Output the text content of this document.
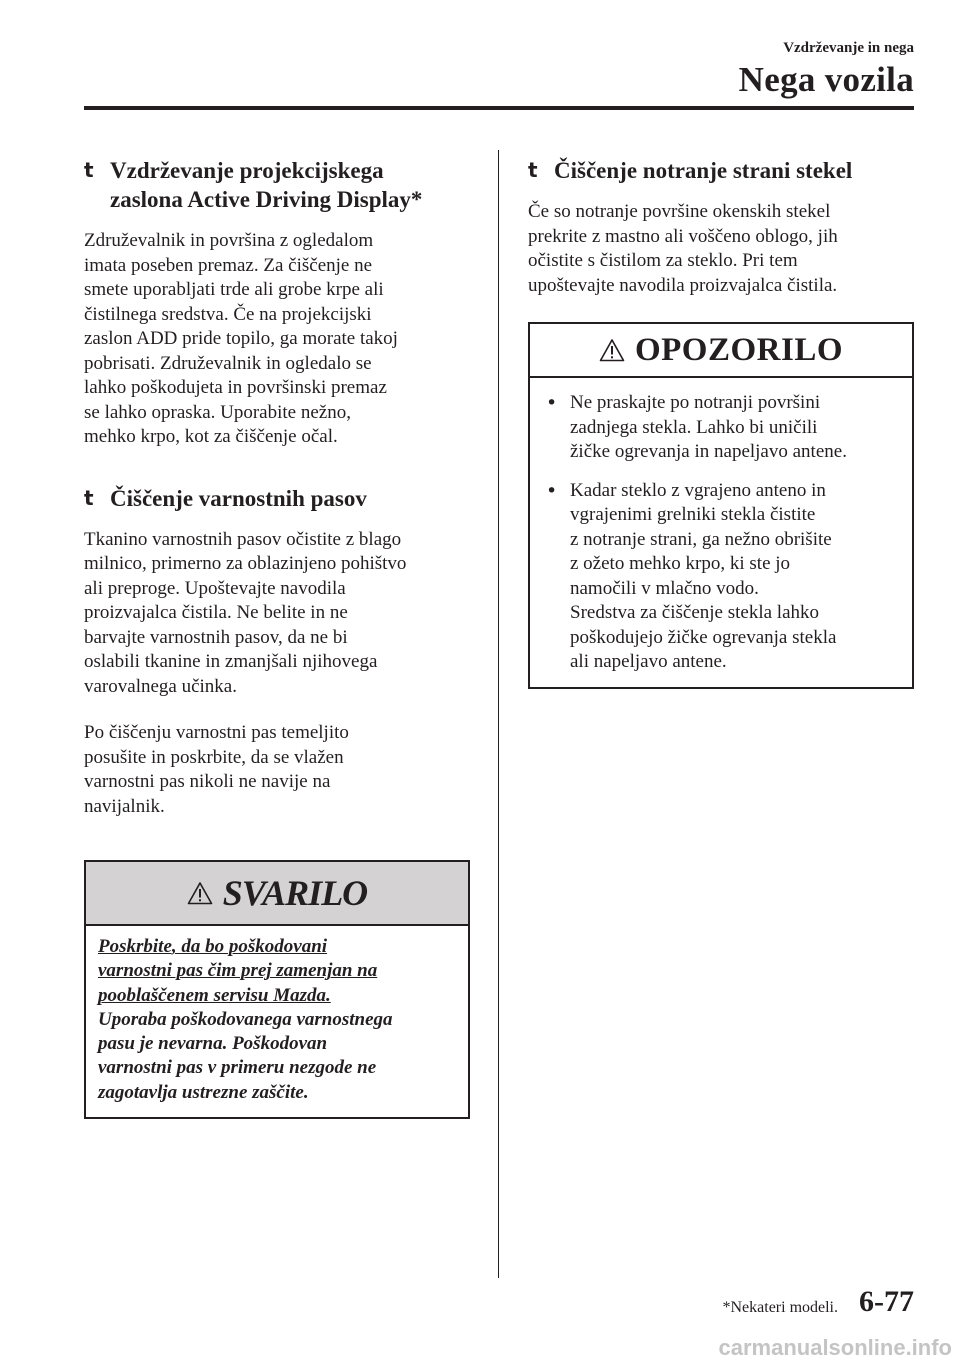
Vzdrževanje in nega

Nega vozila
t Vzdrževanje projekcijskega
zaslona Active Driving Display*

Združevalnik in površina z ogledalom
imata poseben premaz. Za čiščenje ne
smete uporabljati trde ali grobe krpe ali
čistilnega sredstva. Če na projekcijski
zaslon ADD pride topilo, ga morate takoj
pobrisati. Združevalnik in ogledalo se
lahko poškodujeta in površinski premaz
se lahko opraska. Uporabite nežno,
mehko krpo, kot za čiščenje očal.

t Čiščenje varnostnih pasov

Tkanino varnostnih pasov očistite z blago
milnico, primerno za oblazinjeno pohištvo
ali preproge. Upoštevajte navodila
proizvajalca čistila. Ne belite in ne
barvajte varnostnih pasov, da ne bi
oslabili tkanine in zmanjšali njihovega
varovalnega učinka.

Po čiščenju varnostni pas temeljito
posušite in poskrbite, da se vlažen
varnostni pas nikoli ne navije na
navijalnik.

SVARILO

Poskrbite, da bo poškodovani
varnostni pas čim prej zamenjan na
pooblaščenem servisu Mazda.

Uporaba poškodovanega varnostnega
pasu je nevarna. Poškodovan
varnostni pas v primeru nezgode ne
zagotavlja ustrezne zaščite.

t Čiščenje notranje strani stekel

Če so notranje površine okenskih stekel
prekrite z mastno ali voščeno oblogo, jih
očistite s čistilom za steklo. Pri tem
upoštevajte navodila proizvajalca čistila.

OPOZORILO
• Ne praskajte po notranji površini
zadnjega stekla. Lahko bi uničili
žičke ogrevanja in napeljavo antene.

• Kadar steklo z vgrajeno anteno in
vgrajenimi grelniki stekla čistite
z notranje strani, ga nežno obrišite
z ožeto mehko krpo, ki ste jo
namočili v mlačno vodo.
Sredstva za čiščenje stekla lahko
poškodujejo žičke ogrevanja stekla
ali napeljavo antene.

*Nekateri modeli. 6-77

carmanualsonline.info
